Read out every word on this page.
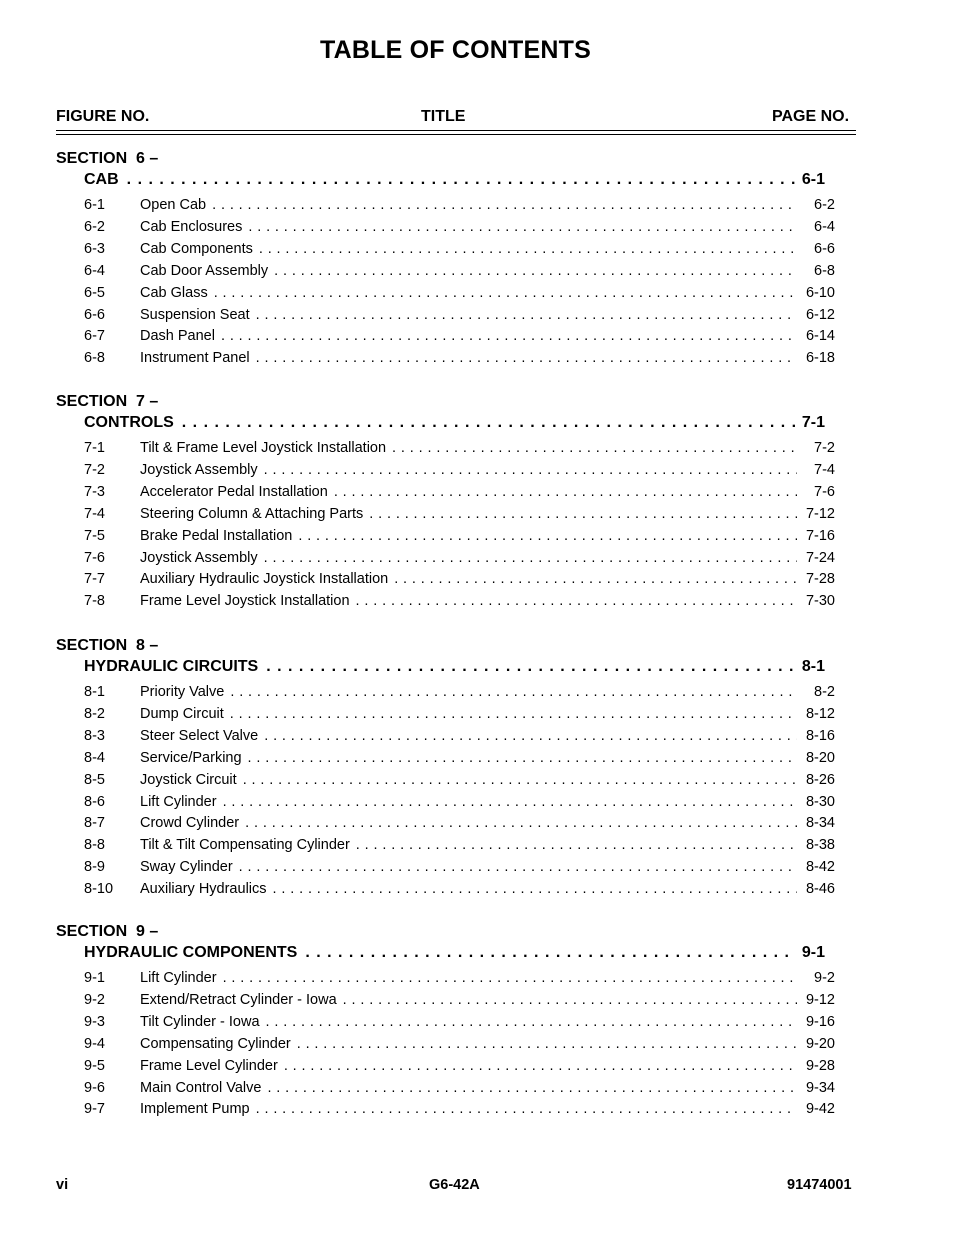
TABLE OF CONTENTS
FIGURE NO.	TITLE	PAGE NO.
SECTION  6 –
CAB . . .	6-1
6-1 Open Cab . . .	6-2
6-2 Cab Enclosures . . .	6-4
6-3 Cab Components . . .	6-6
6-4 Cab Door Assembly . . .	6-8
6-5 Cab Glass . . .	6-10
6-6 Suspension Seat . . .	6-12
6-7 Dash Panel . . .	6-14
6-8 Instrument Panel . . .	6-18
SECTION  7 –
CONTROLS . . .	7-1
7-1 Tilt & Frame Level Joystick Installation . . .	7-2
7-2 Joystick Assembly . . .	7-4
7-3 Accelerator Pedal Installation . . .	7-6
7-4 Steering Column & Attaching Parts . . .	7-12
7-5 Brake Pedal Installation . . .	7-16
7-6 Joystick Assembly . . .	7-24
7-7 Auxiliary Hydraulic Joystick Installation . . .	7-28
7-8 Frame Level Joystick Installation . . .	7-30
SECTION  8 –
HYDRAULIC CIRCUITS . . .	8-1
8-1 Priority Valve . . .	8-2
8-2 Dump Circuit . . .	8-12
8-3 Steer Select Valve . . .	8-16
8-4 Service/Parking . . .	8-20
8-5 Joystick Circuit . . .	8-26
8-6 Lift Cylinder . . .	8-30
8-7 Crowd Cylinder . . .	8-34
8-8 Tilt & Tilt Compensating Cylinder . . .	8-38
8-9 Sway Cylinder . . .	8-42
8-10 Auxiliary Hydraulics . . .	8-46
SECTION  9 –
HYDRAULIC COMPONENTS . . .	9-1
9-1 Lift Cylinder . . .	9-2
9-2 Extend/Retract Cylinder - Iowa . . .	9-12
9-3 Tilt Cylinder - Iowa . . .	9-16
9-4 Compensating Cylinder . . .	9-20
9-5 Frame Level Cylinder . . .	9-28
9-6 Main Control Valve . . .	9-34
9-7 Implement Pump . . .	9-42
vi	G6-42A	91474001
